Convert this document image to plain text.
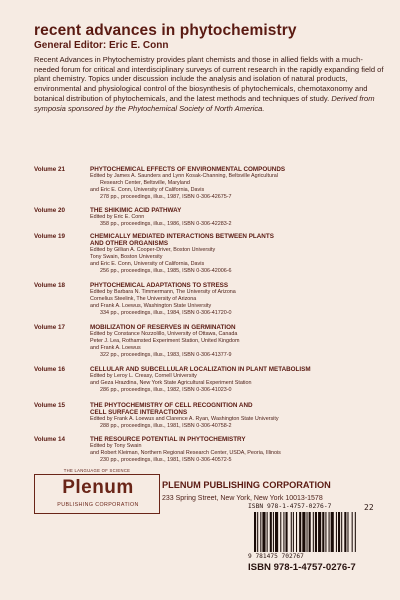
recent advances in phytochemistry
General Editor: Eric E. Conn
Recent Advances in Phytochemistry provides plant chemists and those in allied fields with a much-needed forum for critical and interdisciplinary surveys of current research in the rapidly expanding field of plant chemistry. Topics under discussion include the analysis and isolation of natural products, environmental and physiological control of the biosynthesis of phytochemicals, chemotaxonomy and botanical distribution of phytochemicals, and the latest methods and techniques of study. Derived from symposia sponsored by the Phytochemical Society of North America.
Volume 21	PHYTOCHEMICAL EFFECTS OF ENVIRONMENTAL COMPOUNDS
Edited by James A. Saunders and Lynn Kosak-Channing, Beltsville Agricultural
Research Center, Beltsville, Maryland
and Eric E. Conn, University of California, Davis
278 pp., proceedings, illus., 1987, ISBN 0-306-42675-7
Volume 20	THE SHIKIMIC ACID PATHWAY
Edited by Eric E. Conn
358 pp., proceedings, illus., 1986, ISBN 0-306-42283-2
Volume 19	CHEMICALLY MEDIATED INTERACTIONS BETWEEN PLANTS
AND OTHER ORGANISMS
Edited by Gillian A. Cooper-Driver, Boston University
Tony Swain, Boston University
and Eric E. Conn, University of California, Davis
256 pp., proceedings, illus., 1985, ISBN 0-306-42006-6
Volume 18	PHYTOCHEMICAL ADAPTATIONS TO STRESS
Edited by Barbara N. Timmermann, The University of Arizona
Cornelius Steelink, The University of Arizona
and Frank A. Loewus, Washington State University
334 pp., proceedings, illus., 1984, ISBN 0-306-41720-0
Volume 17	MOBILIZATION OF RESERVES IN GERMINATION
Edited by Constance Nozzolillo, University of Ottawa, Canada
Peter J. Lea, Rothamsted Experiment Station, United Kingdom
and Frank A. Loewus
322 pp., proceedings, illus., 1983, ISBN 0-306-41377-9
Volume 16	CELLULAR AND SUBCELLULAR LOCALIZATION IN PLANT METABOLISM
Edited by Leroy L. Creasy, Cornell University
and Geza Hrazdina, New York State Agricultural Experiment Station
286 pp., proceedings, illus., 1982, ISBN 0-306-41023-0
Volume 15	THE PHYTOCHEMISTRY OF CELL RECOGNITION AND
CELL SURFACE INTERACTIONS
Edited by Frank A. Loewus and Clarence A. Ryan, Washington State University
288 pp., proceedings, illus., 1981, ISBN 0-306-40758-2
Volume 14	THE RESOURCE POTENTIAL IN PHYTOCHEMISTRY
Edited by Tony Swain
and Robert Kleiman, Northern Regional Research Center, USDA, Peoria, Illinois
230 pp., proceedings, illus., 1981, ISBN 0-306-40572-5
THE LANGUAGE OF SCIENCE
Plenum
PUBLISHING CORPORATION
PLENUM PUBLISHING CORPORATION
233 Spring Street, New York, New York 10013-1578
ISBN 978-1-4757-0276-7	22
9 781475 702767
ISBN 978-1-4757-0276-7
